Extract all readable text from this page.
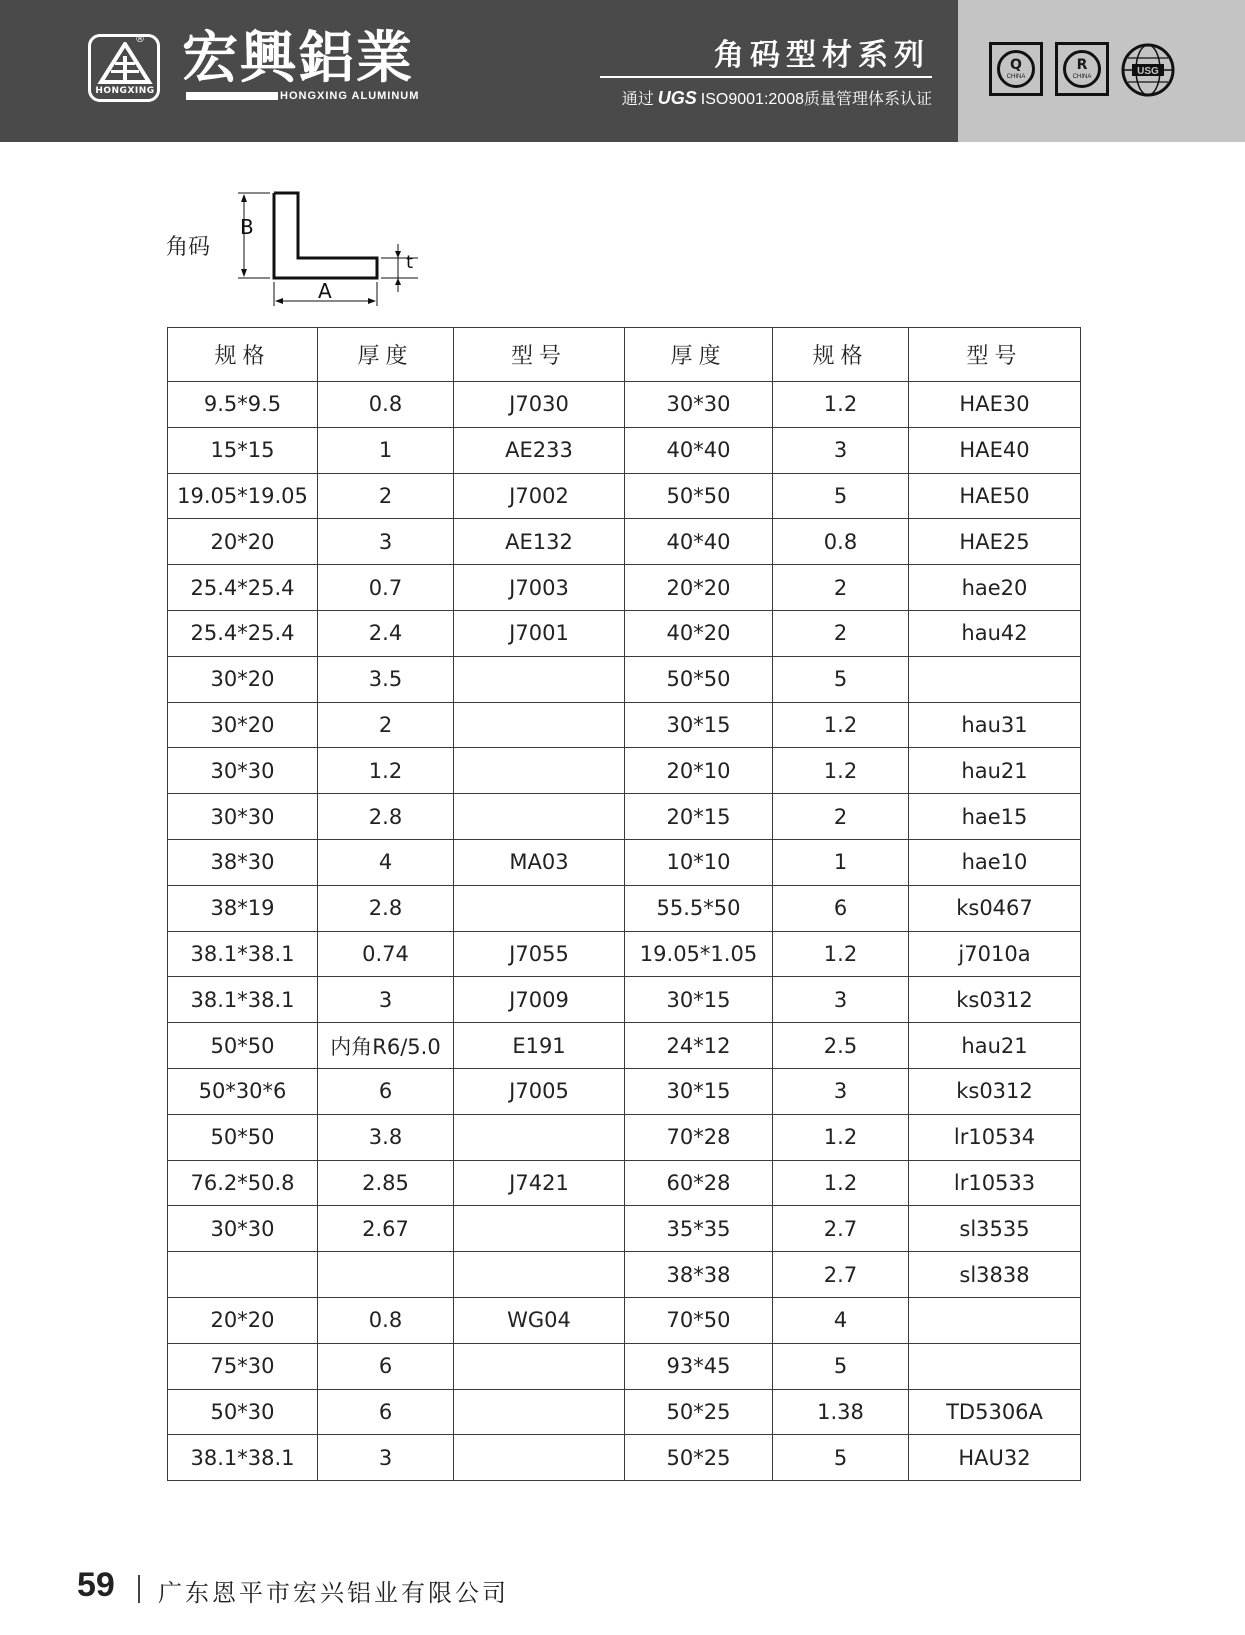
®
HONGXING 宏興鋁業
HONGXING ALUMINUM
角码型材系列
通过 UGS ISO9001:2008质量管理体系认证
Q
CHINA
R
CHINA	USG
角码
B
A
t
规格	厚度	型号	厚度	规格	型号
9.5*9.5	0.8	J7030	30*30	1.2	HAE30
15*15	1	AE233	40*40	3	HAE40
19.05*19.05	2	J7002	50*50	5	HAE50
20*20	3	AE132	40*40	0.8	HAE25
25.4*25.4	0.7	J7003	20*20	2	hae20
25.4*25.4	2.4	J7001	40*20	2	hau42
30*20	3.5		50*50	5	
30*20	2		30*15	1.2	hau31
30*30	1.2		20*10	1.2	hau21
30*30	2.8		20*15	2	hae15
38*30	4	MA03	10*10	1	hae10
38*19	2.8		55.5*50	6	ks0467
38.1*38.1	0.74	J7055	19.05*1.05	1.2	j7010a
38.1*38.1	3	J7009	30*15	3	ks0312
50*50	内角R6/5.0	E191	24*12	2.5	hau21
50*30*6	6	J7005	30*15	3	ks0312
50*50	3.8		70*28	1.2	lr10534
76.2*50.8	2.85	J7421	60*28	1.2	lr10533
30*30	2.67		35*35	2.7	sl3535
			38*38	2.7	sl3838
20*20	0.8	WG04	70*50	4	
75*30	6		93*45	5	
50*30	6		50*25	1.38	TD5306A
38.1*38.1	3		50*25	5	HAU32
59 广东恩平市宏兴铝业有限公司
